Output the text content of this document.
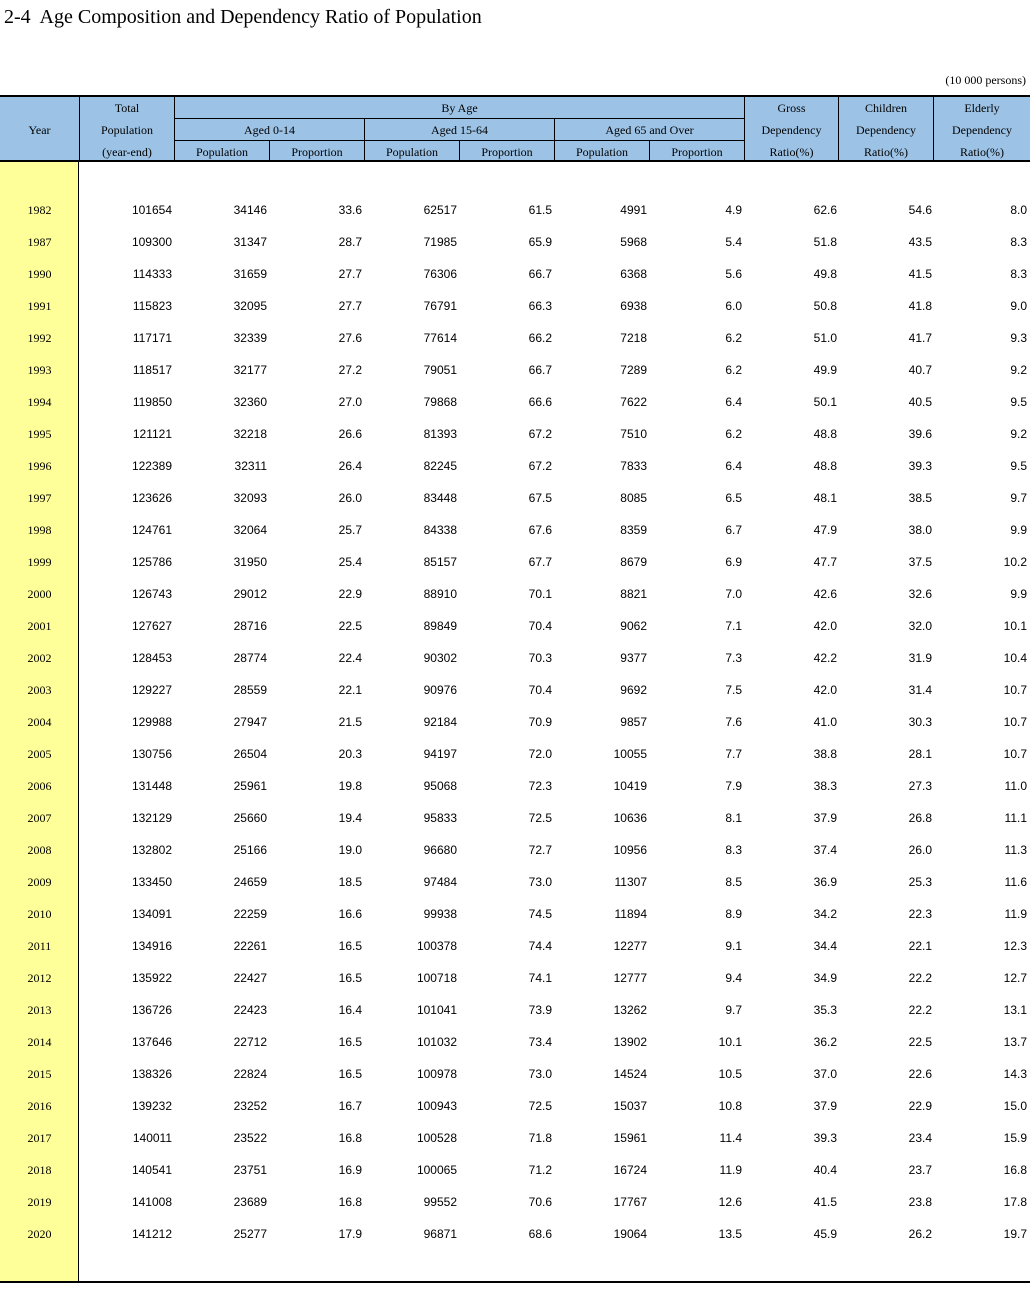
2-4  Age Composition and Dependency Ratio of Population
(10 000 persons)
Year
Total
Population
(year-end)
By Age
Aged 0-14	Aged 15-64	Aged 65 and Over
Population	Proportion	Population	Proportion	Population	Proportion
Gross
Dependency
Ratio(%)
Children
Dependency
Ratio(%)
Elderly
Dependency
Ratio(%)
1982	101654	34146	33.6	62517	61.5	4991	4.9	62.6	54.6	8.0
1987	109300	31347	28.7	71985	65.9	5968	5.4	51.8	43.5	8.3
1990	114333	31659	27.7	76306	66.7	6368	5.6	49.8	41.5	8.3
1991	115823	32095	27.7	76791	66.3	6938	6.0	50.8	41.8	9.0
1992	117171	32339	27.6	77614	66.2	7218	6.2	51.0	41.7	9.3
1993	118517	32177	27.2	79051	66.7	7289	6.2	49.9	40.7	9.2
1994	119850	32360	27.0	79868	66.6	7622	6.4	50.1	40.5	9.5
1995	121121	32218	26.6	81393	67.2	7510	6.2	48.8	39.6	9.2
1996	122389	32311	26.4	82245	67.2	7833	6.4	48.8	39.3	9.5
1997	123626	32093	26.0	83448	67.5	8085	6.5	48.1	38.5	9.7
1998	124761	32064	25.7	84338	67.6	8359	6.7	47.9	38.0	9.9
1999	125786	31950	25.4	85157	67.7	8679	6.9	47.7	37.5	10.2
2000	126743	29012	22.9	88910	70.1	8821	7.0	42.6	32.6	9.9
2001	127627	28716	22.5	89849	70.4	9062	7.1	42.0	32.0	10.1
2002	128453	28774	22.4	90302	70.3	9377	7.3	42.2	31.9	10.4
2003	129227	28559	22.1	90976	70.4	9692	7.5	42.0	31.4	10.7
2004	129988	27947	21.5	92184	70.9	9857	7.6	41.0	30.3	10.7
2005	130756	26504	20.3	94197	72.0	10055	7.7	38.8	28.1	10.7
2006	131448	25961	19.8	95068	72.3	10419	7.9	38.3	27.3	11.0
2007	132129	25660	19.4	95833	72.5	10636	8.1	37.9	26.8	11.1
2008	132802	25166	19.0	96680	72.7	10956	8.3	37.4	26.0	11.3
2009	133450	24659	18.5	97484	73.0	11307	8.5	36.9	25.3	11.6
2010	134091	22259	16.6	99938	74.5	11894	8.9	34.2	22.3	11.9
2011	134916	22261	16.5	100378	74.4	12277	9.1	34.4	22.1	12.3
2012	135922	22427	16.5	100718	74.1	12777	9.4	34.9	22.2	12.7
2013	136726	22423	16.4	101041	73.9	13262	9.7	35.3	22.2	13.1
2014	137646	22712	16.5	101032	73.4	13902	10.1	36.2	22.5	13.7
2015	138326	22824	16.5	100978	73.0	14524	10.5	37.0	22.6	14.3
2016	139232	23252	16.7	100943	72.5	15037	10.8	37.9	22.9	15.0
2017	140011	23522	16.8	100528	71.8	15961	11.4	39.3	23.4	15.9
2018	140541	23751	16.9	100065	71.2	16724	11.9	40.4	23.7	16.8
2019	141008	23689	16.8	99552	70.6	17767	12.6	41.5	23.8	17.8
2020	141212	25277	17.9	96871	68.6	19064	13.5	45.9	26.2	19.7
